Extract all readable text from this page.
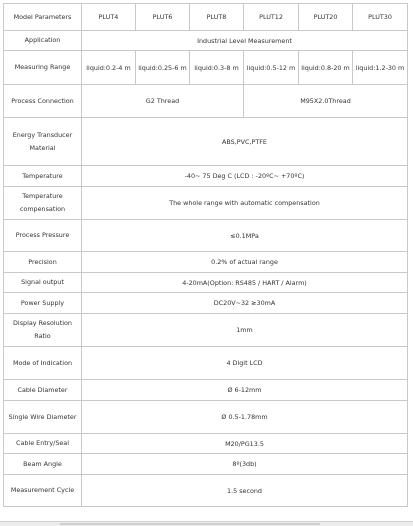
Model Parameters	PLUT4	PLUT6	PLUT8	PLUT12	PLUT20	PLUT30
Application	Industrial Level Measurement					
Measuring Range	liquid:0.2-4 m	liquid:0.25-6 m	liquid:0.3-8 m	liquid:0.5-12 m	liquid:0.8-20 m	liquid:1.2-30 m
Process Connection	G2 Thread			M95X2.0Thread		
Energy Transducer Material	ABS,PVC,PTFE					
Temperature	-40~ 75 Deg C (LCD : -20ºC~ +70ºC)					
Temperature compensation	The whole range with automatic compensation					
Process Pressure	≤0.1MPa					
Precision	0.2% of actual range					
Signal output	4-20mA(Option: RS485 / HART / Alarm)					
Power Supply	DC20V~32 ≥30mA					
Display Resolution Ratio	1mm					
Mode of Indication	4 Digit LCD					
Cable Diameter	Ø 6-12mm					
Single Wire Diameter	Ø 0.5-1.78mm					
Cable Entry/Seal	M20/PG13.5					
Beam Angle	8º(3db)					
Measurement Cycle	1.5 second					
